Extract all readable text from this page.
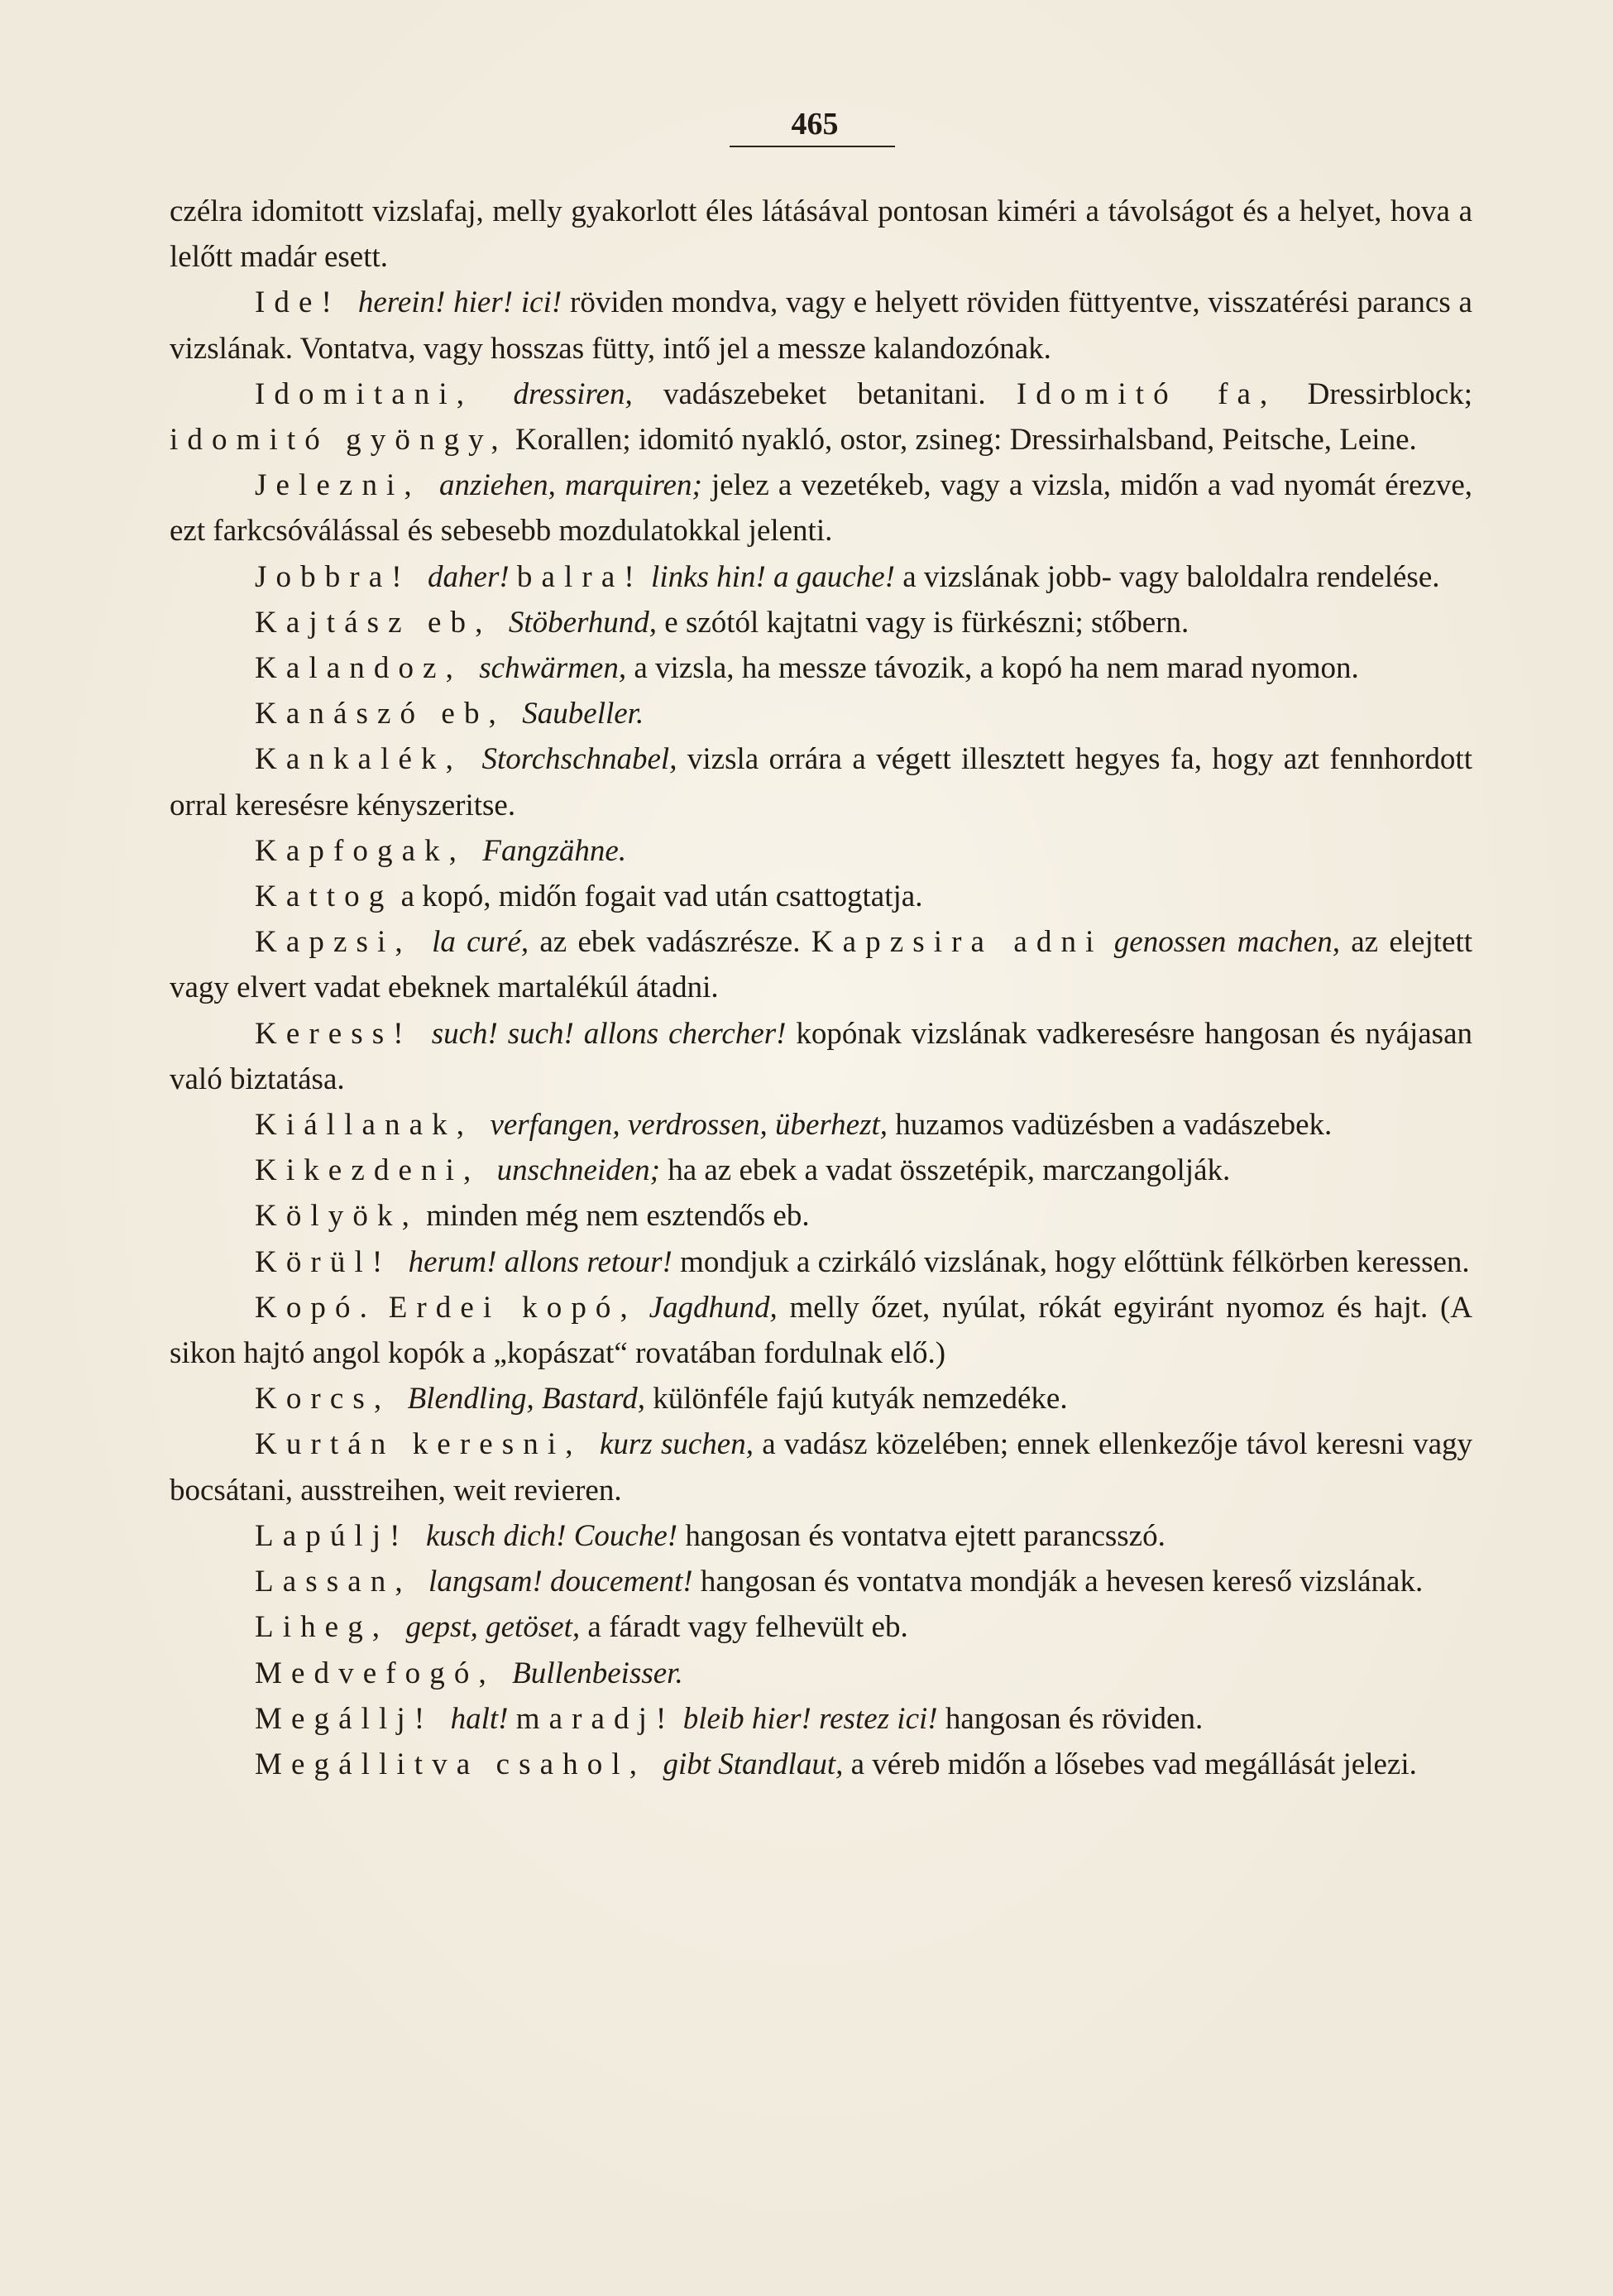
465

czélra idomitott vizslafaj, melly gyakorlott éles látásával pontosan kiméri a távolságot és a helyet, hova a lelőtt madár esett.

Ide! herein! hier! ici! röviden mondva, vagy e helyett röviden füttyentve, visszatérési parancs a vizslának. Vontatva, vagy hosszas fütty, intő jel a messze kalandozónak.

Idomitani, dressiren, vadászebeket betanitani. Idomitó fa, Dressirblock; idomitó gyöngy, Korallen; idomitó nyakló, ostor, zsineg: Dressirhalsband, Peitsche, Leine.

Jelezni, anziehen, marquiren; jelez a vezetékeb, vagy a vizsla, midőn a vad nyomát érezve, ezt farkcsóválással és sebesebb mozdulatokkal jelenti.

Jobbra! daher! balra! links hin! a gauche! a vizslának jobb- vagy baloldalra rendelése.

Kajtász eb, Stöberhund, e szótól kajtatni vagy is fürkészni; stőbern.

Kalandoz, schwärmen, a vizsla, ha messze távozik, a kopó ha nem marad nyomon.

Kanászó eb, Saubeller.

Kankalék, Storchschnabel, vizsla orrára a végett illesztett hegyes fa, hogy azt fennhordott orral keresésre kényszeritse.

Kapfogak, Fangzähne.

Kattog a kopó, midőn fogait vad után csattogtatja.

Kapzsi, la curé, az ebek vadászrésze. Kapzsira adni genossen machen, az elejtett vagy elvert vadat ebeknek martalékúl átadni.

Keress! such! such! allons chercher! kopónak vizslának vadkeresésre hangosan és nyájasan való biztatása.

Kiállanak, verfangen, verdrossen, überhezt, huzamos vadüzésben a vadászebek.

Kikezdeni, unschneiden; ha az ebek a vadat összetépik, marczangolják.

Kölyök, minden még nem esztendős eb.

Körül! herum! allons retour! mondjuk a czirkáló vizslának, hogy előttünk félkörben keressen.

Kopó. Erdei kopó, Jagdhund, melly őzet, nyúlat, rókát egyiránt nyomoz és hajt. (A sikon hajtó angol kopók a „kopászat“ rovatában fordulnak elő.)

Korcs, Blendling, Bastard, különféle fajú kutyák nemzedéke.

Kurtán keresni, kurz suchen, a vadász közelében; ennek ellenkezője távol keresni vagy bocsátani, ausstreihen, weit revieren.

Lapúlj! kusch dich! Couche! hangosan és vontatva ejtett parancsszó.

Lassan, langsam! doucement! hangosan és vontatva mondják a hevesen kereső vizslának.

Liheg, gepst, getöset, a fáradt vagy felhevült eb.

Medvefogó, Bullenbeisser.

Megállj! halt! maradj! bleib hier! restez ici! hangosan és röviden.

Megállitva csahol, gibt Standlaut, a véreb midőn a lősebes vad megállását jelezi.
